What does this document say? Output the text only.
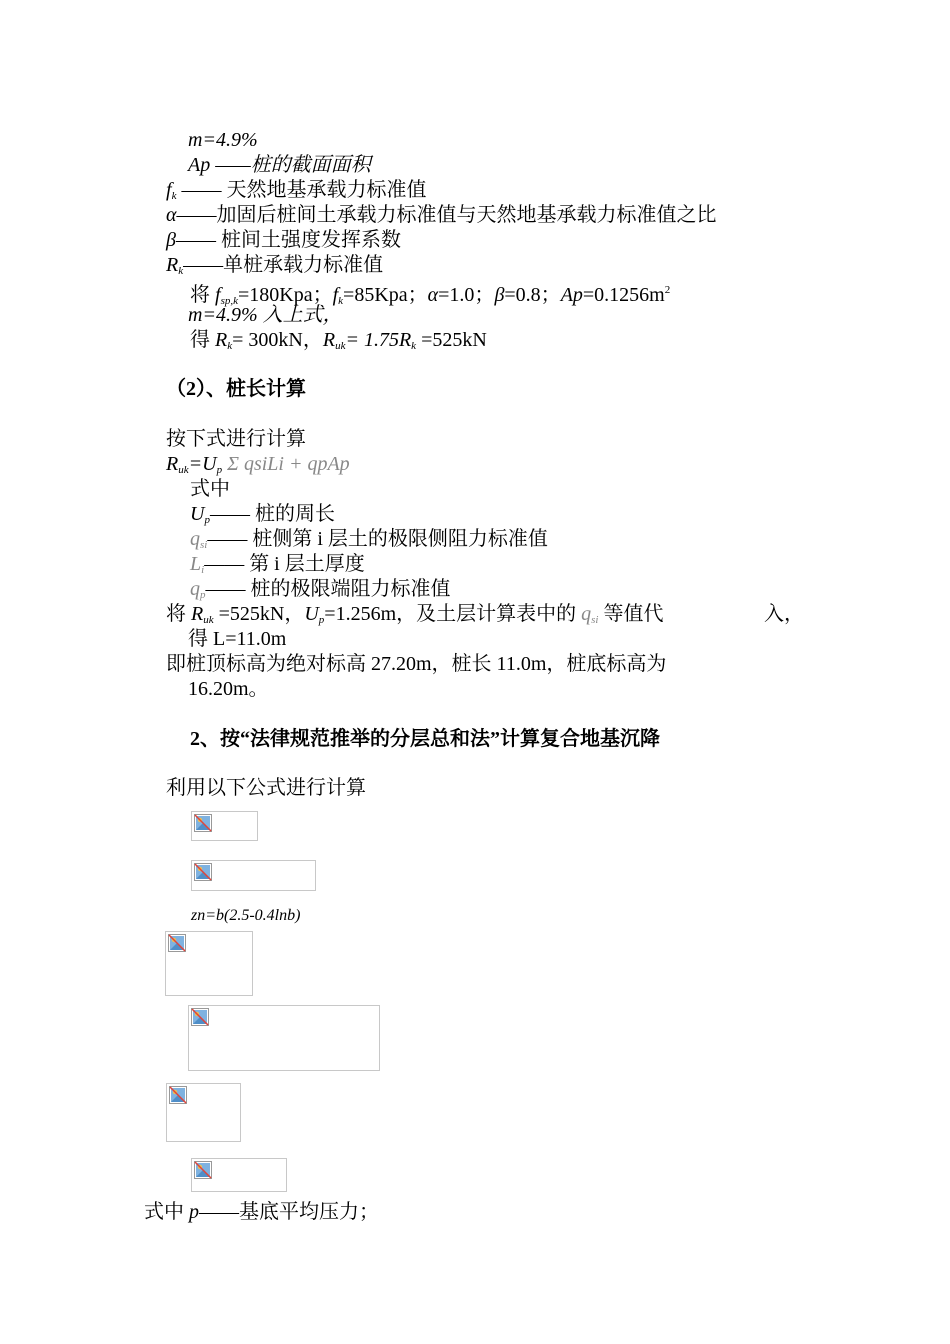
m=4.9%
Ap ——桩的截面面积
$f_k$ —— 天然地基承载力标准值
α——加固后桩间土承载力标准值与天然地基承载力标准值之比
β—— 桩间土强度发挥系数
$R_k——$单桩承载力标准值
将 $f_{sp,k}=180Kpa$；$f_k=85Kpa$；α=1.0；β=0.8；$Ap=0.1256m^2$
m=4.9% 入上式，
得 $R_k= 300kN$，$R_{uk}= 1.75R_k =525kN$
（2）、桩长计算
按下式进行计算
$R_{uk}=U_p$ Σ qsiLi + qpAp
式中
$U_p——$ 桩的周长
$q_{si}——$ 桩侧第 i 层土的极限侧阻力标准值
$L_i——$ 第 i 层土厚度
$q_p——$ 桩的极限端阻力标准值
将 $R_{uk} =525kN$，$U_p=1.256m$，及土层计算表中的 $q_{si}$ 等值代	入，
得 L=11.0m
即桩顶标高为绝对标高 27.20m，桩长 11.0m，桩底标高为
16.20m。
2、按“法律规范推举的分层总和法”计算复合地基沉降
利用以下公式进行计算
zn=b(2.5-0.4lnb)
式中 p——基底平均压力；
